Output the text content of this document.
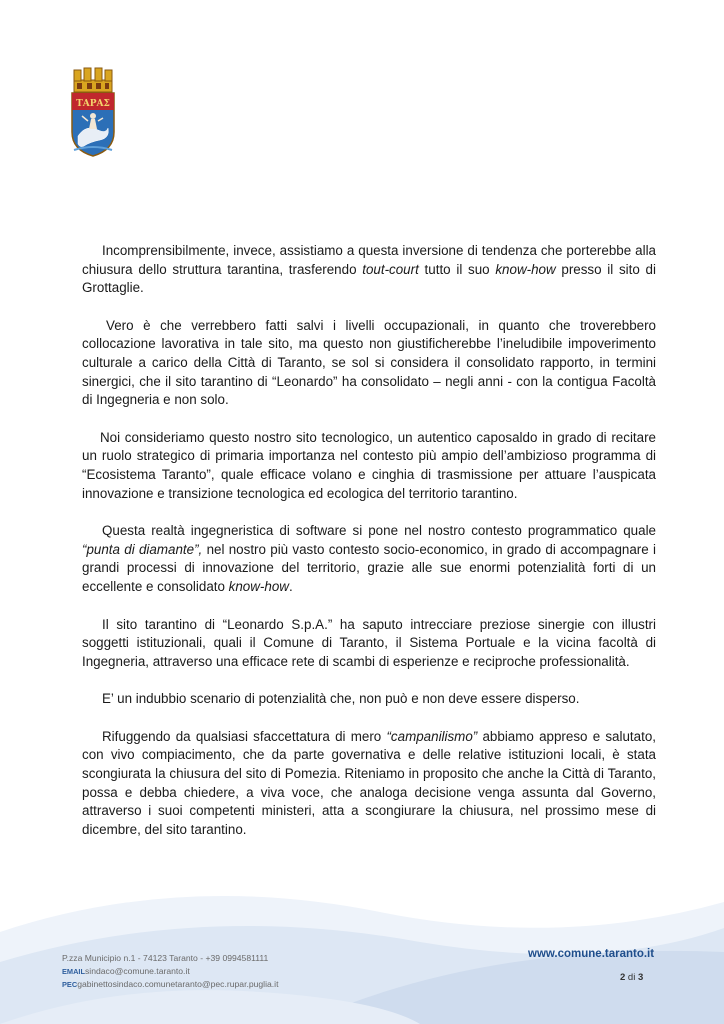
ΤΑΡΑΣ

Incomprensibilmente, invece, assistiamo a questa inversione di tendenza che porterebbe alla chiusura dello struttura tarantina, trasferendo tout-court tutto il suo know-how presso il sito di Grottaglie.

Vero è che verrebbero fatti salvi i livelli occupazionali, in quanto che troverebbero collocazione lavorativa in tale sito, ma questo non giustificherebbe l’ineludibile impoverimento culturale a carico della Città di Taranto, se sol si considera il consolidato rapporto, in termini sinergici, che il sito tarantino di “Leonardo” ha consolidato – negli anni - con la contigua Facoltà di Ingegneria e non solo.

Noi consideriamo questo nostro sito tecnologico, un autentico caposaldo in grado di recitare un ruolo strategico di primaria importanza nel contesto più ampio dell’ambizioso programma di “Ecosistema Taranto”, quale efficace volano e cinghia di trasmissione per attuare l’auspicata innovazione e transizione tecnologica ed ecologica del territorio tarantino.

Questa realtà ingegneristica di software si pone nel nostro contesto programmatico quale “punta di diamante”, nel nostro più vasto contesto socio-economico, in grado di accompagnare i grandi processi di innovazione del territorio, grazie alle sue enormi potenzialità forti di un eccellente e consolidato know-how.

Il sito tarantino di “Leonardo S.p.A.” ha saputo intrecciare preziose sinergie con illustri soggetti istituzionali, quali il Comune di Taranto, il Sistema Portuale e la vicina facoltà di Ingegneria, attraverso una efficace rete di scambi di esperienze e reciproche professionalità.

E’ un indubbio scenario di potenzialità che, non può e non deve essere disperso.

Rifuggendo da qualsiasi sfaccettatura di mero “campanilismo” abbiamo appreso e salutato, con vivo compiacimento, che da parte governativa e delle relative istituzioni locali, è stata scongiurata la chiusura del sito di Pomezia. Riteniamo in proposito che anche la Città di Taranto, possa e debba chiedere, a viva voce, che analoga decisione venga assunta dal Governo, attraverso i suoi competenti ministeri, atta a scongiurare la chiusura, nel prossimo mese di dicembre, del sito tarantino.

P.zza Municipio n.1 - 74123 Taranto - +39 0994581111
EMAILsindaco@comune.taranto.it
PECgabinettosindaco.comunetaranto@pec.rupar.puglia.it
www.comune.taranto.it
2 di 3
